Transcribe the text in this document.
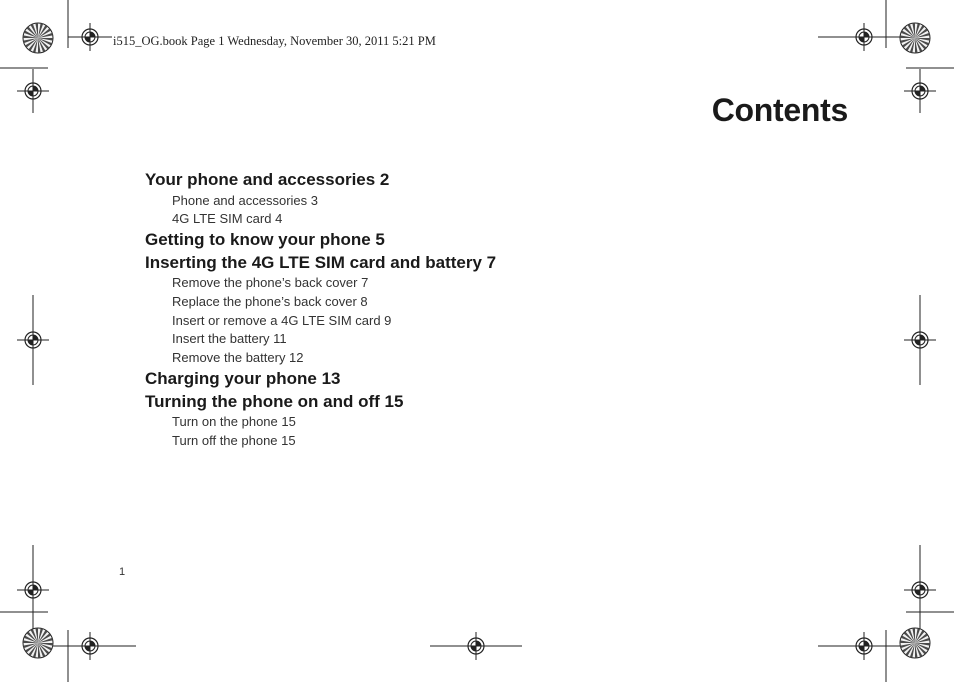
i515_OG.book Page 1 Wednesday, November 30, 2011 5:21 PM
Contents
Your phone and accessories 2
Phone and accessories 3
4G LTE SIM card 4
Getting to know your phone 5
Inserting the 4G LTE SIM card and battery 7
Remove the phone’s back cover 7
Replace the phone’s back cover 8
Insert or remove a 4G LTE SIM card 9
Insert the battery 11
Remove the battery 12
Charging your phone 13
Turning the phone on and off 15
Turn on the phone 15
Turn off the phone 15
1
